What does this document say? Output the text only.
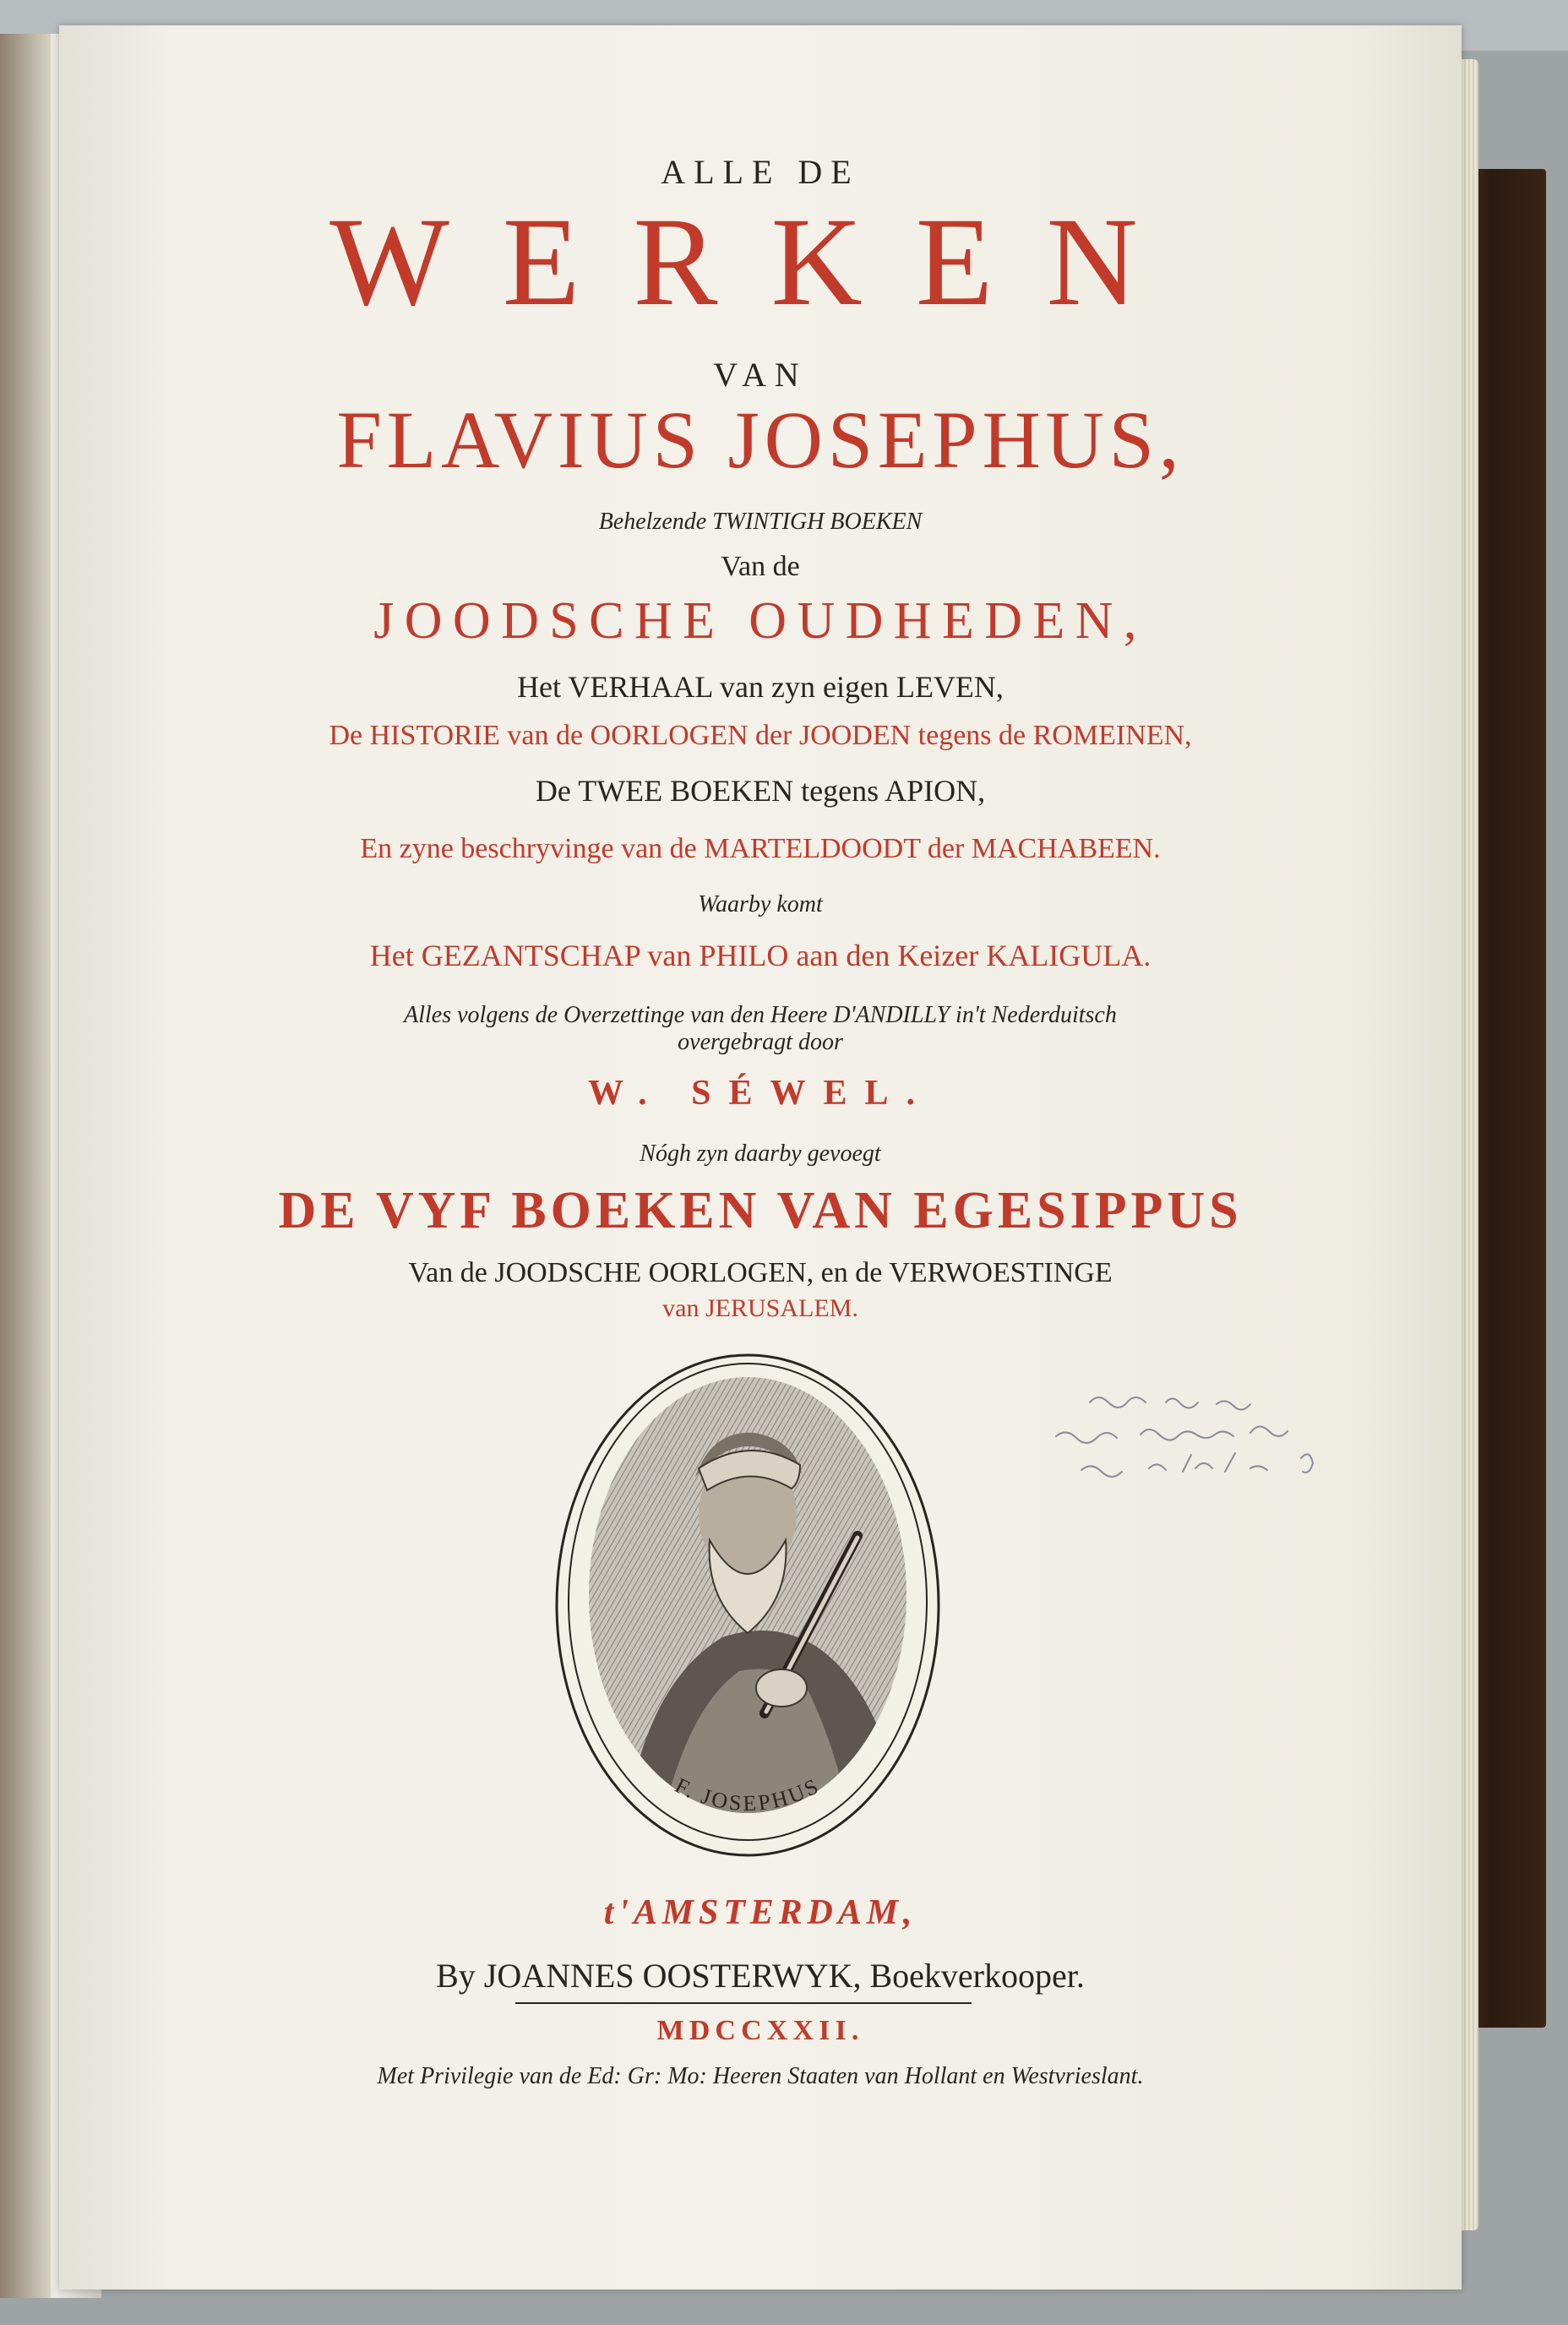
ALLE DE
WERKEN
VAN
FLAVIUS JOSEPHUS,
Behelzende TWINTIGH BOEKEN
Van de
JOODSCHE OUDHEDEN,
Het VERHAAL van zyn eigen LEVEN,
De HISTORIE van de OORLOGEN der JOODEN tegens de ROMEINEN,
De TWEE BOEKEN tegens APION,
En zyne beschryvinge van de MARTELDOODT der MACHABEEN.
Waarby komt
Het GEZANTSCHAP van PHILO aan den Keizer KALIGULA.
Alles volgens de Overzettinge van den Heere D'ANDILLY in't Nederduitsch
overgebragt door
W. SÉWEL.
Nógh zyn daarby gevoegt
DE VYF BOEKEN VAN EGESIPPUS
Van de JOODSCHE OORLOGEN, en de VERWOESTINGE
van JERUSALEM.
F. JOSEPHUS
t'AMSTERDAM,
By JOANNES OOSTERWYK, Boekverkooper.
MDCCXXII.
Met Privilegie van de Ed: Gr: Mo: Heeren Staaten van Hollant en Westvrieslant.
